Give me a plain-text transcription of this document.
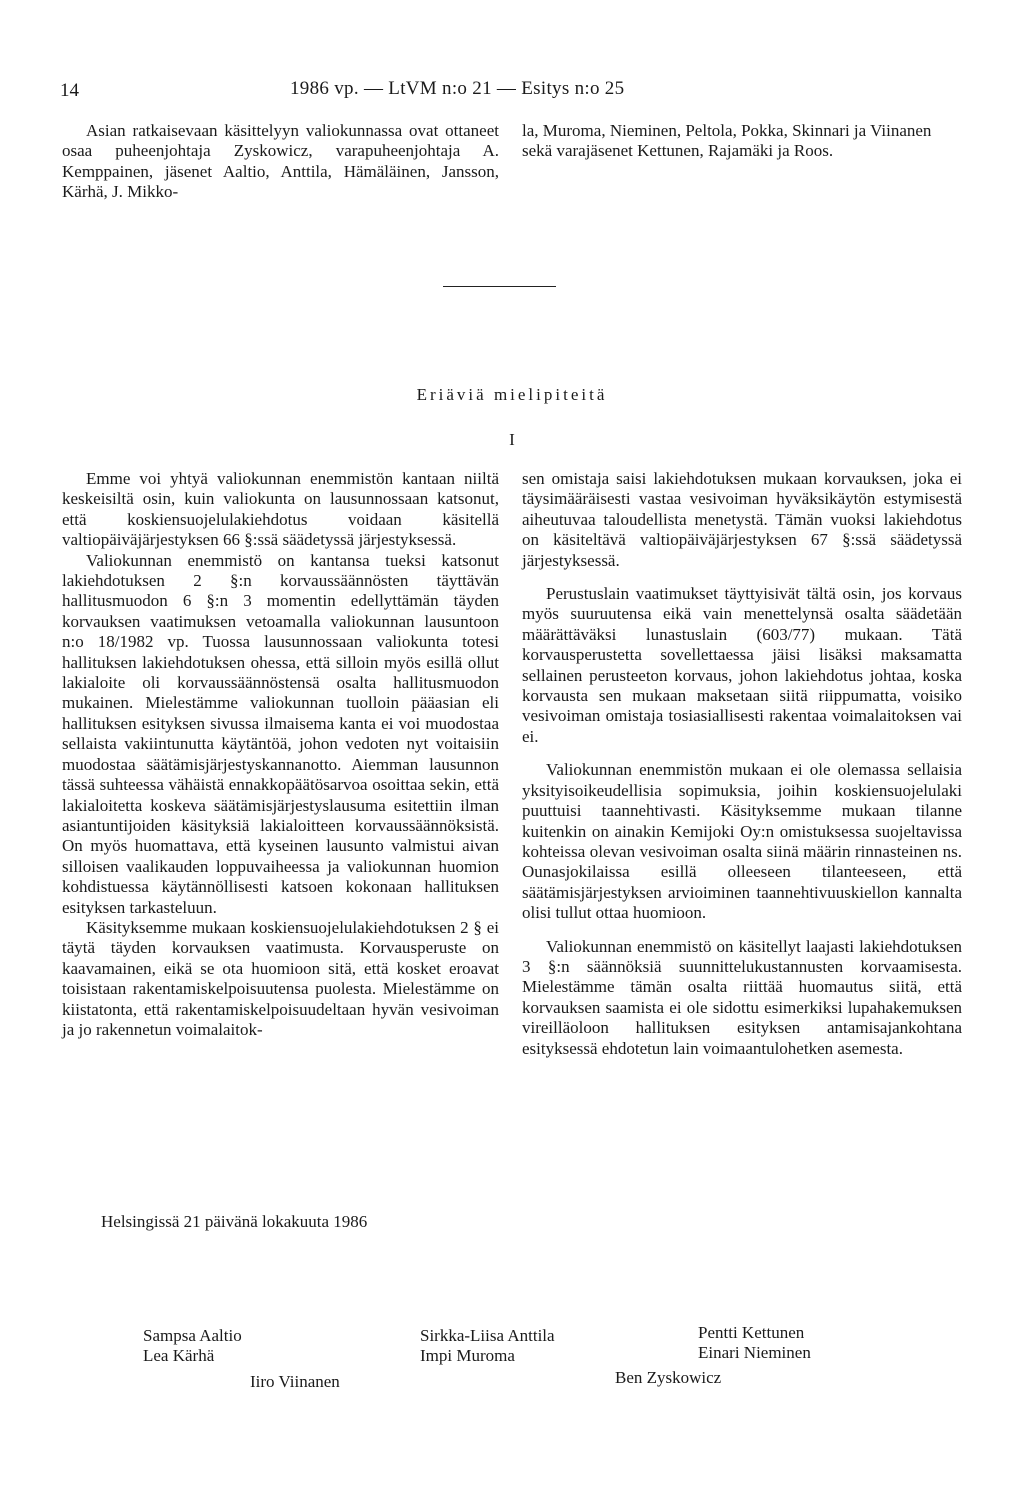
14	1986 vp. — LtVM n:o 21 — Esitys n:o 25

Asian ratkaisevaan käsittelyyn valiokunnassa ovat ottaneet osaa puheenjohtaja Zyskowicz, varapuheenjohtaja A. Kemppainen, jäsenet Aaltio, Anttila, Hämäläinen, Jansson, Kärhä, J. Mikko-

la, Muroma, Nieminen, Peltola, Pokka, Skinnari ja Viinanen sekä varajäsenet Kettunen, Rajamäki ja Roos.

Eriäviä mielipiteitä
I

Emme voi yhtyä valiokunnan enemmistön kantaan niiltä keskeisiltä osin, kuin valiokunta on lausunnossaan katsonut, että koskiensuojelulakiehdotus voidaan käsitellä valtiopäiväjärjestyksen 66 §:ssä säädetyssä järjestyksessä.

Valiokunnan enemmistö on kantansa tueksi katsonut lakiehdotuksen 2 §:n korvaussäännösten täyttävän hallitusmuodon 6 §:n 3 momentin edellyttämän täyden korvauksen vaatimuksen vetoamalla valiokunnan lausuntoon n:o 18/1982 vp. Tuossa lausunnossaan valiokunta totesi hallituksen lakiehdotuksen ohessa, että silloin myös esillä ollut lakialoite oli korvaussäännöstensä osalta hallitusmuodon mukainen. Mielestämme valiokunnan tuolloin pääasian eli hallituksen esityksen sivussa ilmaisema kanta ei voi muodostaa sellaista vakiintunutta käytäntöä, johon vedoten nyt voitaisiin muodostaa säätämisjärjestyskannanotto. Aiemman lausunnon tässä suhteessa vähäistä ennakkopäätösarvoa osoittaa sekin, että lakialoitetta koskeva säätämisjärjestyslausuma esitettiin ilman asiantuntijoiden käsityksiä lakialoitteen korvaussäännöksistä. On myös huomattava, että kyseinen lausunto valmistui aivan silloisen vaalikauden loppuvaiheessa ja valiokunnan huomion kohdistuessa käytännöllisesti katsoen kokonaan hallituksen esityksen tarkasteluun.

Käsityksemme mukaan koskiensuojelulakiehdotuksen 2 § ei täytä täyden korvauksen vaatimusta. Korvausperuste on kaavamainen, eikä se ota huomioon sitä, että kosket eroavat toisistaan rakentamiskelpoisuutensa puolesta. Mielestämme on kiistatonta, että rakentamiskelpoisuudeltaan hyvän vesivoiman ja jo rakennetun voimalaitok-

sen omistaja saisi lakiehdotuksen mukaan korvauksen, joka ei täysimääräisesti vastaa vesivoiman hyväksikäytön estymisestä aiheutuvaa taloudellista menetystä. Tämän vuoksi lakiehdotus on käsiteltävä valtiopäiväjärjestyksen 67 §:ssä säädetyssä järjestyksessä.

Perustuslain vaatimukset täyttyisivät tältä osin, jos korvaus myös suuruutensa eikä vain menettelynsä osalta säädetään määrättäväksi lunastuslain (603/77) mukaan. Tätä korvausperustetta sovellettaessa jäisi lisäksi maksamatta sellainen perusteeton korvaus, johon lakiehdotus johtaa, koska korvausta sen mukaan maksetaan siitä riippumatta, voisiko vesivoiman omistaja tosiasiallisesti rakentaa voimalaitoksen vai ei.

Valiokunnan enemmistön mukaan ei ole olemassa sellaisia yksityisoikeudellisia sopimuksia, joihin koskiensuojelulaki puuttuisi taannehtivasti. Käsityksemme mukaan tilanne kuitenkin on ainakin Kemijoki Oy:n omistuksessa suojeltavissa kohteissa olevan vesivoiman osalta siinä määrin rinnasteinen ns. Ounasjokilaissa esillä olleeseen tilanteeseen, että säätämisjärjestyksen arvioiminen taannehtivuuskiellon kannalta olisi tullut ottaa huomioon.

Valiokunnan enemmistö on käsitellyt laajasti lakiehdotuksen 3 §:n säännöksiä suunnittelukustannusten korvaamisesta. Mielestämme tämän osalta riittää huomautus siitä, että korvauksen saamista ei ole sidottu esimerkiksi lupahakemuksen vireilläoloon hallituksen esityksen antamisajankohtana esityksessä ehdotetun lain voimaantulohetken asemesta.

Helsingissä 21 päivänä lokakuuta 1986
Sampsa Aaltio
Lea Kärhä
Iiro Viinanen
Sirkka-Liisa Anttila
Impi Muroma
Pentti Kettunen
Einari Nieminen
Ben Zyskowicz
